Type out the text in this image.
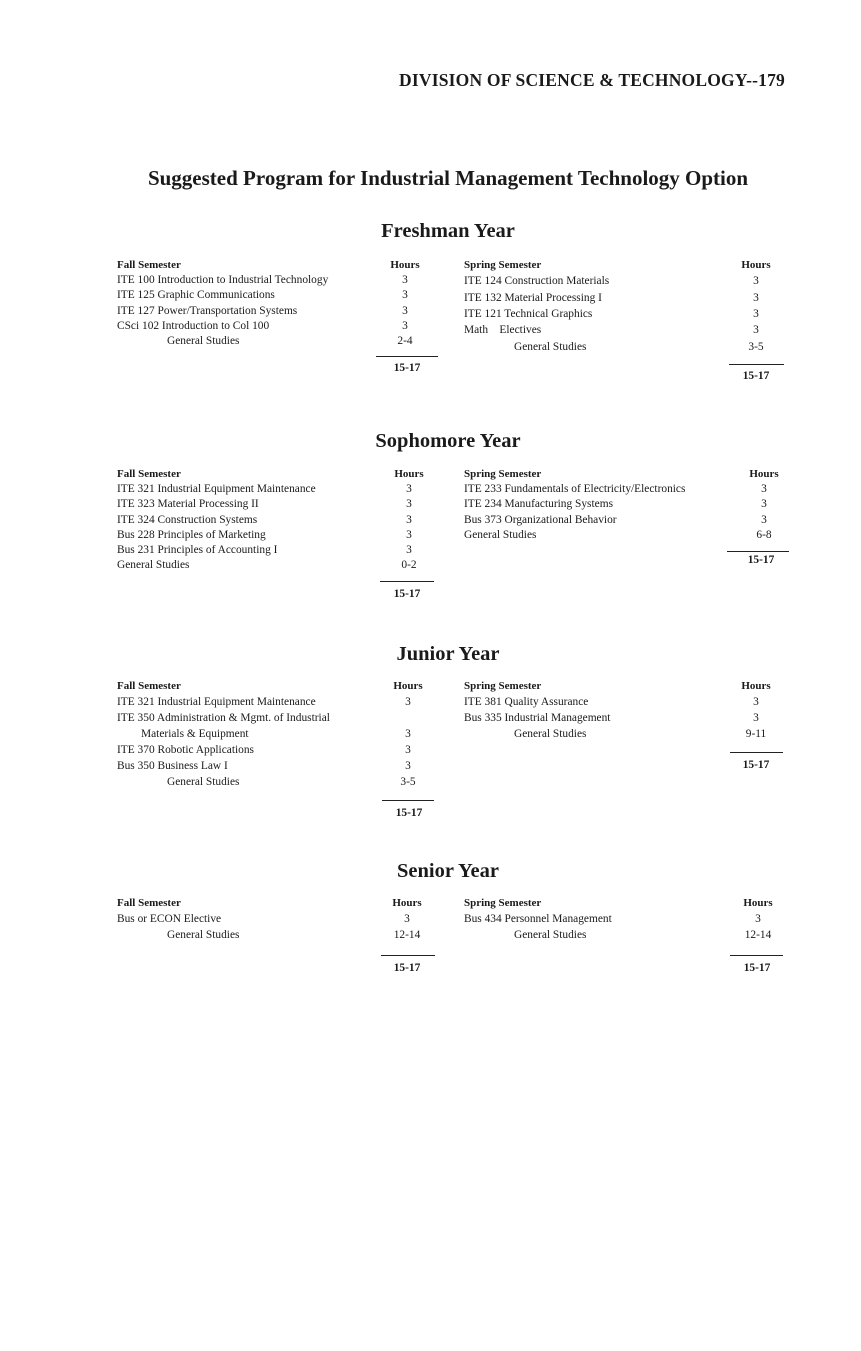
DIVISION OF SCIENCE & TECHNOLOGY--179
Suggested Program for Industrial Management Technology Option
Freshman Year
Fall Semester	Hours
ITE 100 Introduction to Industrial Technology	3
ITE 125 Graphic Communications	3
ITE 127 Power/Transportation Systems	3
CSci 102 Introduction to Col 100	3
General Studies	2-4
15-17
Spring Semester	Hours
ITE 124 Construction Materials	3
ITE 132 Material Processing I	3
ITE 121 Technical Graphics	3
Math    Electives	3
General Studies	3-5
15-17
Sophomore Year
Fall Semester	Hours
ITE 321 Industrial Equipment Maintenance	3
ITE 323 Material Processing II	3
ITE 324 Construction Systems	3
Bus 228 Principles of Marketing	3
Bus 231 Principles of Accounting I	3
General Studies	0-2
15-17
Spring Semester	Hours
ITE 233 Fundamentals of Electricity/Electronics	3
ITE 234 Manufacturing Systems	3
Bus 373 Organizational Behavior	3
General Studies	6-8
15-17
Junior Year
Fall Semester	Hours
ITE 321 Industrial Equipment Maintenance	3
ITE 350 Administration & Mgmt. of Industrial
Materials & Equipment	3
ITE 370 Robotic Applications	3
Bus 350 Business Law I	3
General Studies	3-5
15-17
Spring Semester	Hours
ITE 381 Quality Assurance	3
Bus 335 Industrial Management	3
General Studies	9-11
15-17
Senior Year
Fall Semester	Hours
Bus or ECON Elective	3
General Studies	12-14
15-17
Spring Semester	Hours
Bus 434 Personnel Management	3
General Studies	12-14
15-17
